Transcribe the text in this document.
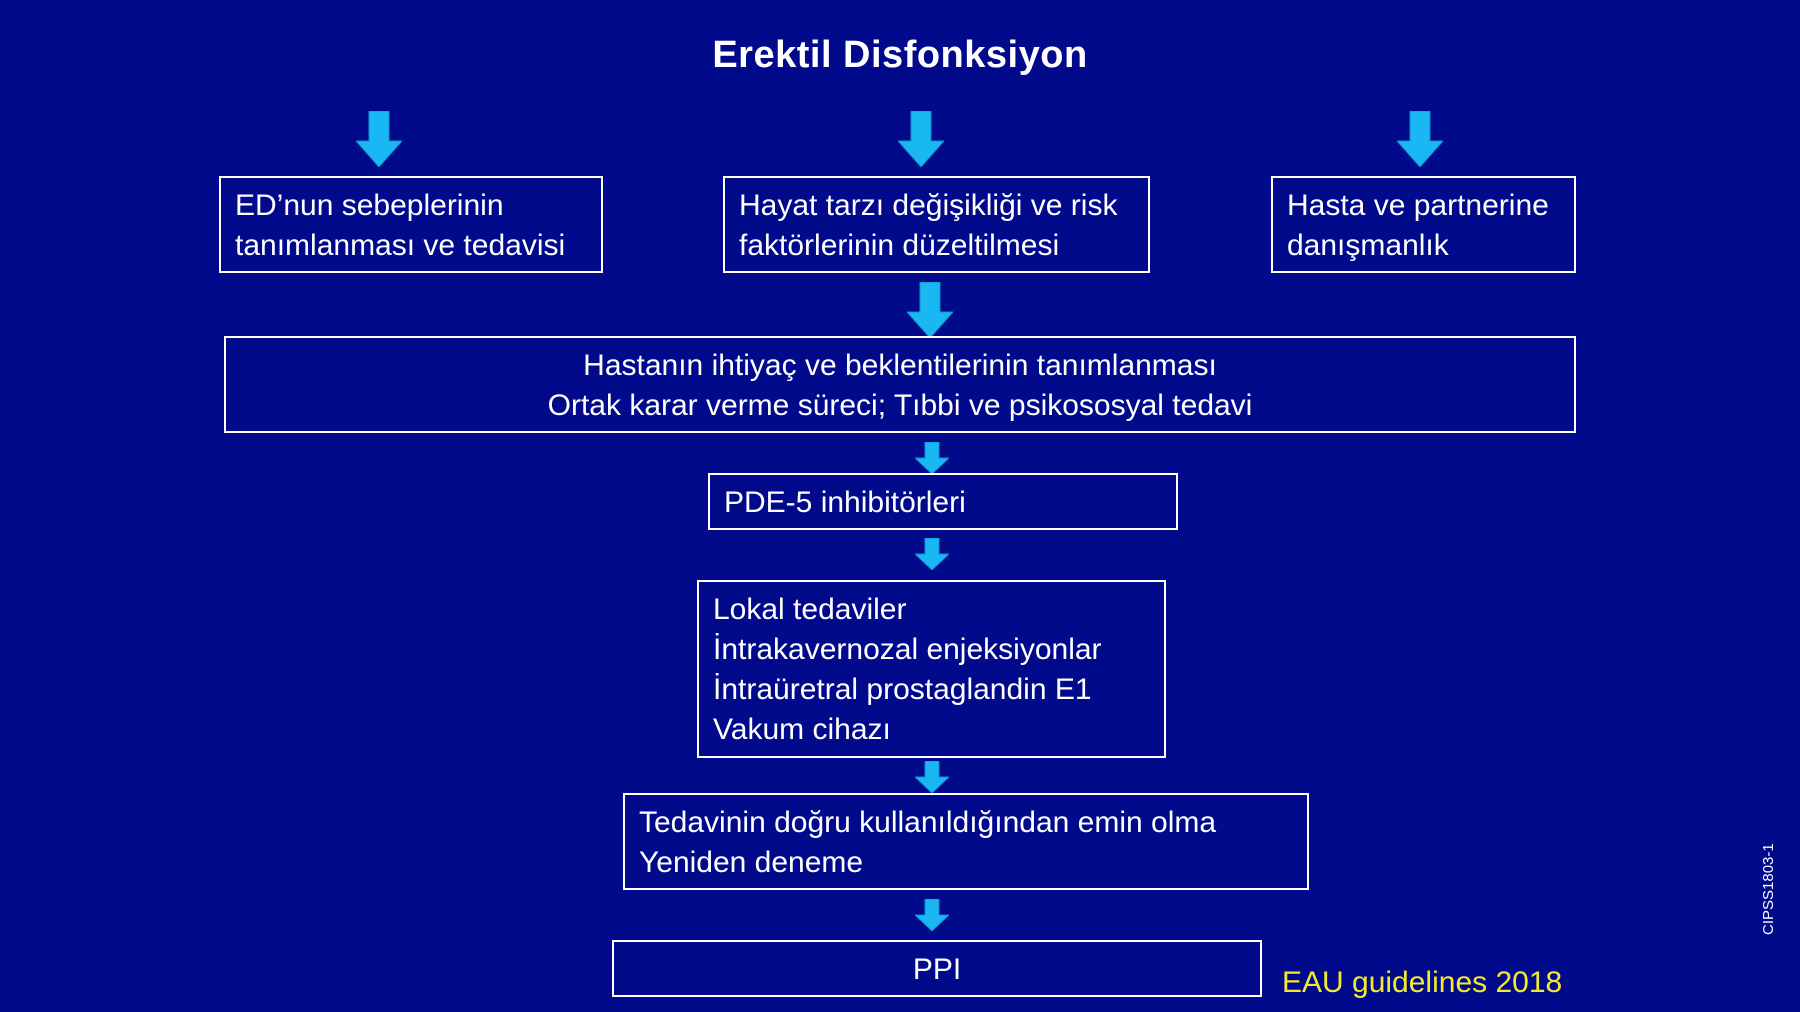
Erektil Disfonksiyon
ED’nun sebeplerinin
tanımlanması ve tedavisi
Hayat tarzı değişikliği ve risk
faktörlerinin düzeltilmesi
Hasta ve partnerine
danışmanlık
Hastanın ihtiyaç ve beklentilerinin tanımlanması
Ortak karar verme süreci; Tıbbi ve psikososyal tedavi
PDE-5 inhibitörleri
Lokal tedaviler
İntrakavernozal enjeksiyonlar
İntraüretral prostaglandin E1
Vakum cihazı
Tedavinin doğru kullanıldığından emin olma
Yeniden deneme
PPI	EAU guidelines 2018
CIPSS1803-1
